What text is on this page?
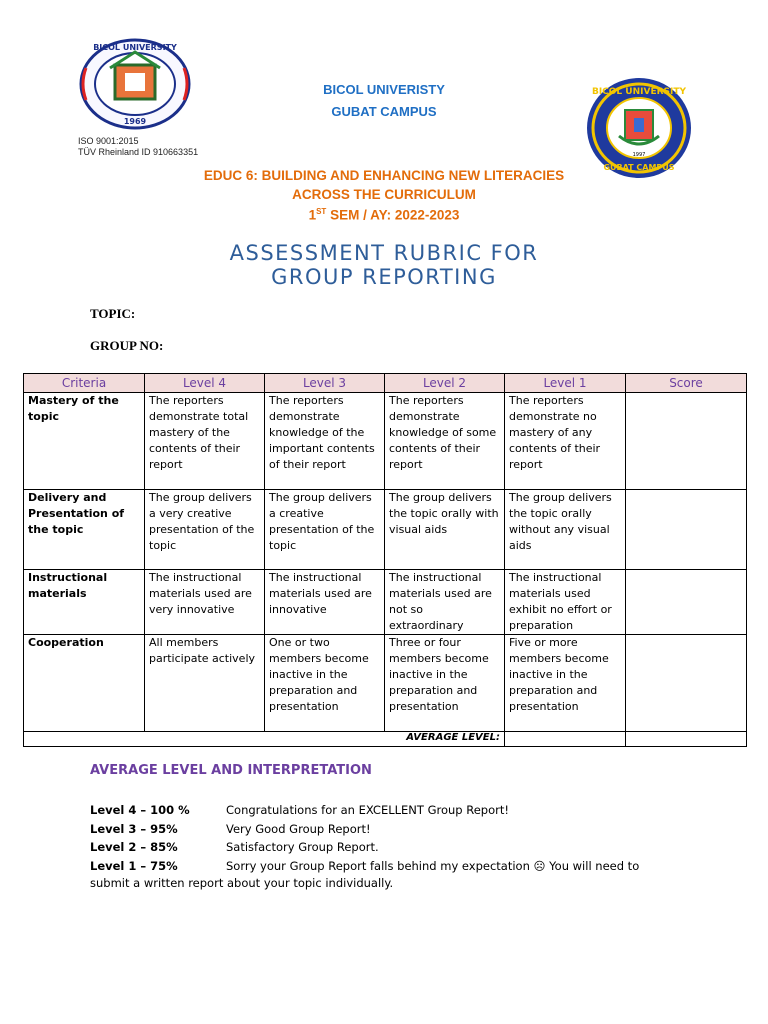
BICOL UNIVERSITY
1969
ISO 9001:2015
TÜV Rheinland ID 910663351
BICOL UNIVERISTY
GUBAT CAMPUS
BICOL UNIVERSITY
GUBAT CAMPUS
1997
EDUC 6: BUILDING AND ENHANCING NEW LITERACIES
ACROSS THE CURRICULUM
1ST SEM / AY: 2022-2023
ASSESSMENT RUBRIC FOR
GROUP REPORTING
TOPIC:
GROUP NO:
Criteria	Level 4	Level 3	Level 2	Level 1	Score
Mastery of the topic	The reporters demonstrate total mastery of the contents of their report	The reporters demonstrate knowledge of the important contents of their report	The reporters demonstrate knowledge of some contents of their report	The reporters demonstrate no mastery of any contents of their report	
Delivery and Presentation of the topic	The group delivers a very creative presentation of the topic	The group delivers a creative presentation of the topic	The group delivers the topic orally with visual aids	The group delivers the topic orally without any visual aids	
Instructional materials	The instructional materials used are very innovative	The instructional materials used are innovative	The instructional materials used are not so extraordinary	The instructional materials used exhibit no effort or preparation	
Cooperation	All members participate actively	One or two members become inactive in the preparation and presentation	Three or four members become inactive in the preparation and presentation	Five or more members become inactive in the preparation and presentation	
AVERAGE LEVEL:					
AVERAGE LEVEL AND INTERPRETATION
Level 4 – 100 %	Congratulations for an EXCELLENT Group Report!
Level 3 – 95%	Very Good Group Report!
Level 2 – 85%	Satisfactory Group Report.
Level 1 – 75%	Sorry your Group Report falls behind my expectation ☹ You will need to
submit a written report about your topic individually.
